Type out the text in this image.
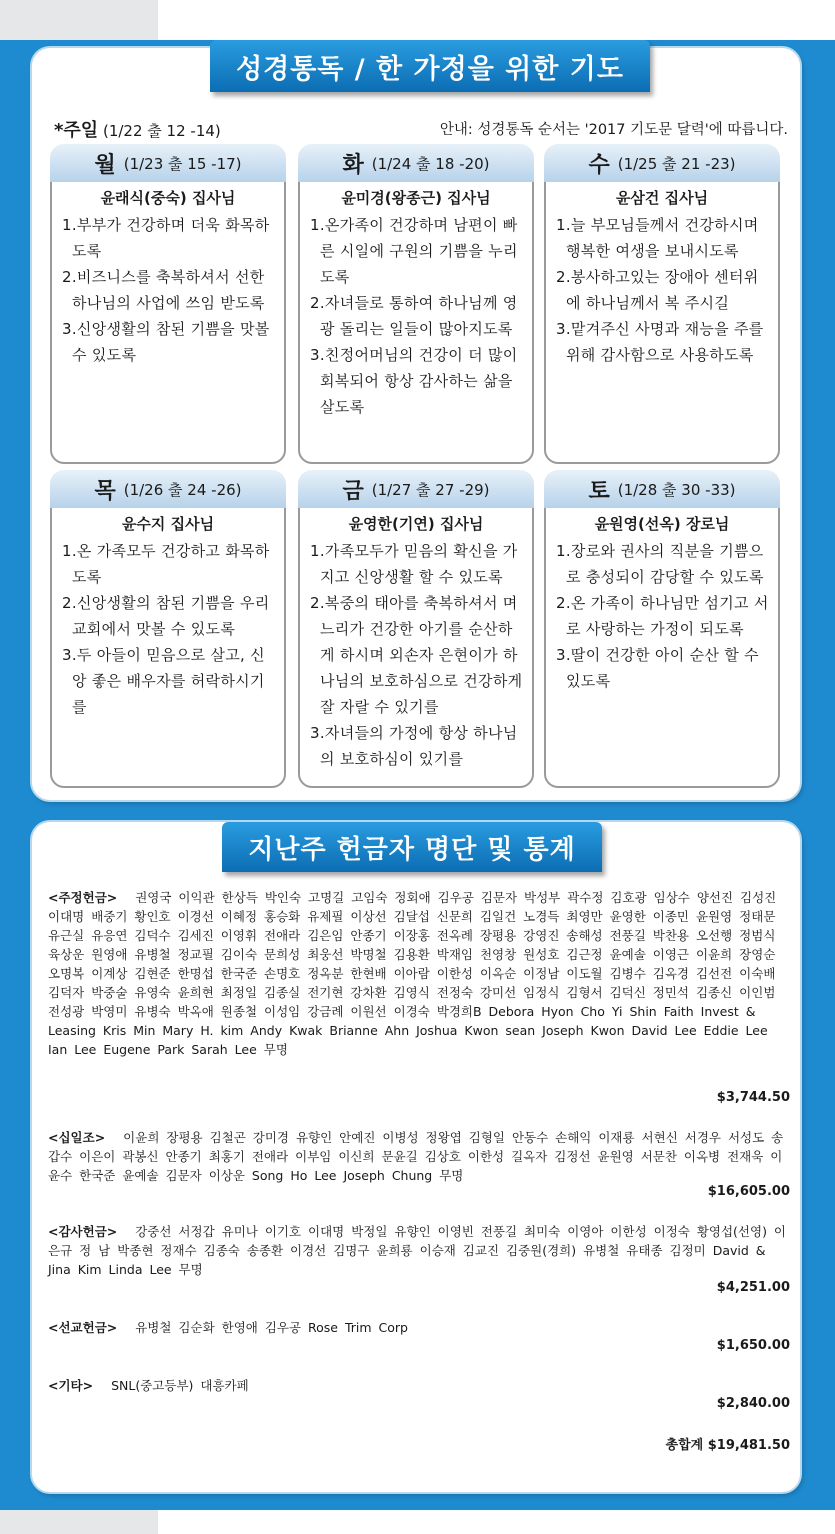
성경통독 / 한 가정을 위한 기도
*주일 (1/22 출 12 -14)	안내: 성경통독 순서는 '2017 기도문 달력'에 따릅니다.
월 (1/23 출 15 -17)
윤래식(중숙) 집사님
1.부부가 건강하며 더욱 화목하도록
2.비즈니스를 축복하셔서 선한 하나님의 사업에 쓰임 받도록
3.신앙생활의 참된 기쁨을 맛볼 수 있도록
화 (1/24 출 18 -20)
윤미경(왕종근) 집사님
1.온가족이 건강하며 남편이 빠른 시일에 구원의 기쁨을 누리도록
2.자녀들로 통하여 하나님께 영광 돌리는 일들이 많아지도록
3.친정어머님의 건강이 더 많이 회복되어 항상 감사하는 삶을 살도록
수 (1/25 출 21 -23)
윤삼건 집사님
1.늘 부모님들께서 건강하시며 행복한 여생을 보내시도록
2.봉사하고있는 장애아 센터위에 하나님께서 복 주시길
3.맡겨주신 사명과 재능을 주를 위해 감사함으로 사용하도록
목 (1/26 출 24 -26)
윤수지 집사님
1.온 가족모두 건강하고 화목하도록
2.신앙생활의 참된 기쁨을 우리교회에서 맛볼 수 있도록
3.두 아들이 믿음으로 살고, 신앙 좋은 배우자를 허락하시기를
금 (1/27 출 27 -29)
윤영한(기연) 집사님
1.가족모두가 믿음의 확신을 가지고 신앙생활 할 수 있도록
2.복중의 태아를 축복하셔서 며느리가 건강한 아기를 순산하게 하시며 외손자 은현이가 하나님의 보호하심으로 건강하게 잘 자랄 수 있기를
3.자녀들의 가정에 항상 하나님의 보호하심이 있기를
토 (1/28 출 30 -33)
윤원영(선옥) 장로님
1.장로와 권사의 직분을 기쁨으로 충성되이 감당할 수 있도록
2.온 가족이 하나님만 섬기고 서로 사랑하는 가정이 되도록
3.딸이 건강한 아이 순산 할 수 있도록
지난주 헌금자 명단 및 통계
<주정헌금> 권영국 이익관 한상득 박인숙 고명길 고임숙 정회애 김우공 김문자 박성부 곽수정 김호광 임상수 양선진 김성진 이대명 배중기 황인호 이경선 이혜정 홍승화 유제필 이상선 김달섭 신문희 김일건 노경득 최영만 윤영한 이종민 윤원영 정태문 유근실 유응연 김덕수 김세진 이영휘 전애라 김은임 안종기 이장홍 전옥례 장평용 강영진 송해성 전풍길 박찬용 오선행 정범식 육상운 원영애 유병철 정교필 김이숙 문희성 최웅선 박명철 김용환 박재임 천영창 원성호 김근정 윤예솔 이영근 이윤희 장영순 오명복 이계상 김현준 한명섭 한국준 손명호 정옥분 한현배 이아람 이한성 이옥순 이정남 이도월 김병수 김옥경 김선전 이숙배 김덕자 박중술 유영숙 윤희현 최정일 김종실 전기현 강차환 김영식 전정숙 강미선 임정식 김형서 김덕신 정민석 김종신 이인범 전성광 박영미 유병숙 박옥애 원종철 이성임 강금례 이원선 이경숙 박경희B Debora Hyon Cho Yi Shin Faith Invest & Leasing Kris Min Mary H. kim Andy Kwak Brianne Ahn Joshua Kwon sean Joseph Kwon David Lee Eddie Lee Ian Lee Eugene Park Sarah Lee 무명
$3,744.50
<십일조> 이윤희 장평용 김철곤 강미경 유향인 안예진 이병성 정왕엽 김형일 안동수 손해익 이재룡 서현신 서경우 서성도 송갑수 이은이 곽봉신 안종기 최홍기 전애라 이부임 이신희 문윤길 김상호 이한성 길옥자 김정선 윤원영 서문찬 이옥병 전재욱 이윤수 한국준 윤예솔 김문자 이상운 Song Ho Lee Joseph Chung 무명
$16,605.00
<감사헌금> 강중선 서정갑 유미나 이기호 이대명 박정일 유향인 이영빈 전풍길 최미숙 이영아 이한성 이정숙 황영섭(선영) 이은규 정 남 박종현 정재수 김종숙 송종환 이경선 김명구 윤희룡 이승재 김교진 김중원(경희) 유병철 유태종 김정미 David & Jina Kim Linda Lee 무명
$4,251.00
<선교헌금> 유병철 김순화 한영애 김우공 Rose Trim Corp
$1,650.00
<기타> SNL(중고등부) 대흥카페
$2,840.00
총합계 $19,481.50
